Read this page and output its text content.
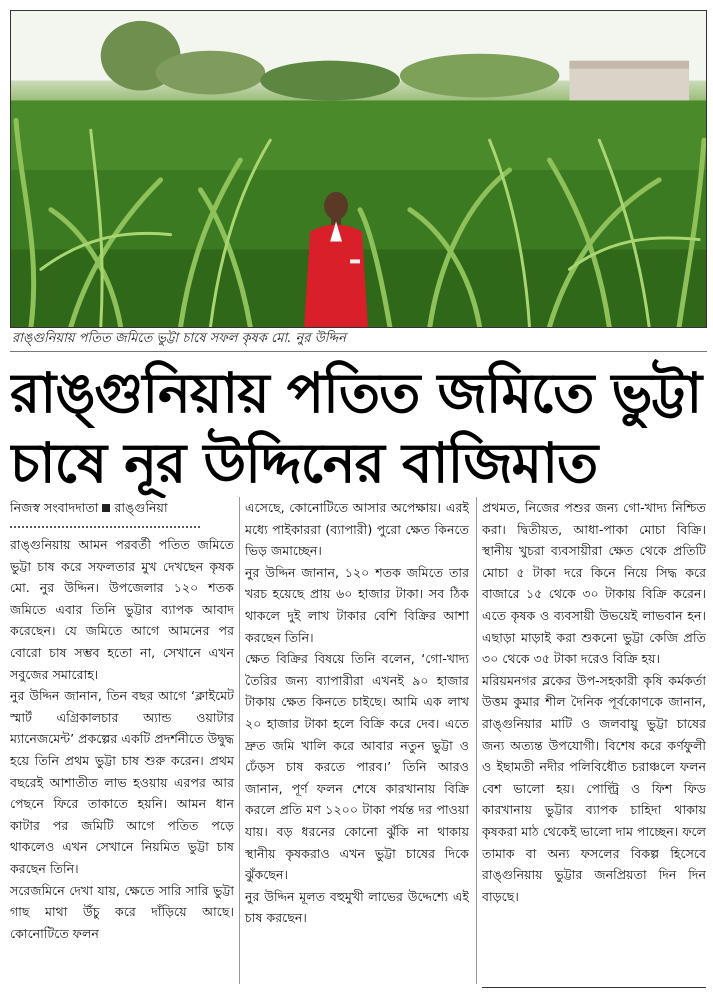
রাঙ্গুনিয়ায় পতিত জমিতে ভুট্টা চাষে সফল কৃষক মো. নুর উদ্দিন
রাঙ্গুনিয়ায় পতিত জমিতে ভুট্টা
চাষে নূর উদ্দিনের বাজিমাত
নিজস্ব সংবাদদাতা রাঙ্গুনিয়া

রাঙ্গুনিয়ায় আমন পরবর্তী পতিত জমিতে ভুট্টা চাষ করে সফলতার মুখ দেখছেন কৃষক মো. নুর উদ্দিন। উপজেলার ১২০ শতক জমিতে এবার তিনি ভুট্টার ব্যাপক আবাদ করেছেন। যে জমিতে আগে আমনের পর বোরো চাষ সম্ভব হতো না, সেখানে এখন সবুজের সমারোহ।

নুর উদ্দিন জানান, তিন বছর আগে ‘ক্লাইমেট স্মার্ট এগ্রিকালচার অ্যান্ড ওয়াটার ম্যানেজমেন্ট’ প্রকল্পের একটি প্রদর্শনীতে উদ্বুদ্ধ হয়ে তিনি প্রথম ভুট্টা চাষ শুরু করেন। প্রথম বছরেই আশাতীত লাভ হওয়ায় এরপর আর পেছনে ফিরে তাকাতে হয়নি। আমন ধান কাটার পর জমিটি আগে পতিত পড়ে থাকলেও এখন সেখানে নিয়মিত ভুট্টা চাষ করছেন তিনি।

সরেজমিনে দেখা যায়, ক্ষেতে সারি সারি ভুট্টা গাছ মাথা উঁচু করে দাঁড়িয়ে আছে। কোনোটিতে ফলন

এসেছে, কোনোটিতে আসার অপেক্ষায়। এরই মধ্যে পাইকাররা (ব্যাপারী) পুরো ক্ষেত কিনতে ভিড় জমাচ্ছেন।

নুর উদ্দিন জানান, ১২০ শতক জমিতে তার খরচ হয়েছে প্রায় ৬০ হাজার টাকা। সব ঠিক থাকলে দুই লাখ টাকার বেশি বিক্রির আশা করছেন তিনি।

ক্ষেত বিক্রির বিষয়ে তিনি বলেন, ‘গো-খাদ্য তৈরির জন্য ব্যাপারীরা এখনই ৯০ হাজার টাকায় ক্ষেত কিনতে চাইছে। আমি এক লাখ ২০ হাজার টাকা হলে বিক্রি করে দেব। এতে দ্রুত জমি খালি করে আবার নতুন ভুট্টা ও ঢেঁড়স চাষ করতে পারব।’ তিনি আরও জানান, পূর্ণ ফলন শেষে কারখানায় বিক্রি করলে প্রতি মণ ১২০০ টাকা পর্যন্ত দর পাওয়া যায়। বড় ধরনের কোনো ঝুঁকি না থাকায় স্থানীয় কৃষকরাও এখন ভুট্টা চাষের দিকে ঝুঁকছেন।

নুর উদ্দিন মূলত বহুমুখী লাভের উদ্দেশ্যে এই চাষ করছেন।

প্রথমত, নিজের পশুর জন্য গো-খাদ্য নিশ্চিত করা। দ্বিতীয়ত, আধা-পাকা মোচা বিক্রি। স্থানীয় খুচরা ব্যবসায়ীরা ক্ষেত থেকে প্রতিটি মোচা ৫ টাকা দরে কিনে নিয়ে সিদ্ধ করে বাজারে ১৫ থেকে ৩০ টাকায় বিক্রি করেন। এতে কৃষক ও ব্যবসায়ী উভয়েই লাভবান হন। এছাড়া মাড়াই করা শুকনো ভুট্টা কেজি প্রতি ৩০ থেকে ৩৫ টাকা দরেও বিক্রি হয়।

মরিয়মনগর ব্লকের উপ-সহকারী কৃষি কর্মকর্তা উত্তম কুমার শীল দৈনিক পূর্বকোণকে জানান, রাঙ্গুনিয়ার মাটি ও জলবায়ু ভুট্টা চাষের জন্য অত্যন্ত উপযোগী। বিশেষ করে কর্ণফুলী ও ইছামতী নদীর পলিবিধৌত চরাঞ্চলে ফলন বেশ ভালো হয়। পোল্ট্রি ও ফিশ ফিড কারখানায় ভুট্টার ব্যাপক চাহিদা থাকায় কৃষকরা মাঠ থেকেই ভালো দাম পাচ্ছেন। ফলে তামাক বা অন্য ফসলের বিকল্প হিসেবে রাঙ্গুনিয়ায় ভুট্টার জনপ্রিয়তা দিন দিন বাড়ছে।
